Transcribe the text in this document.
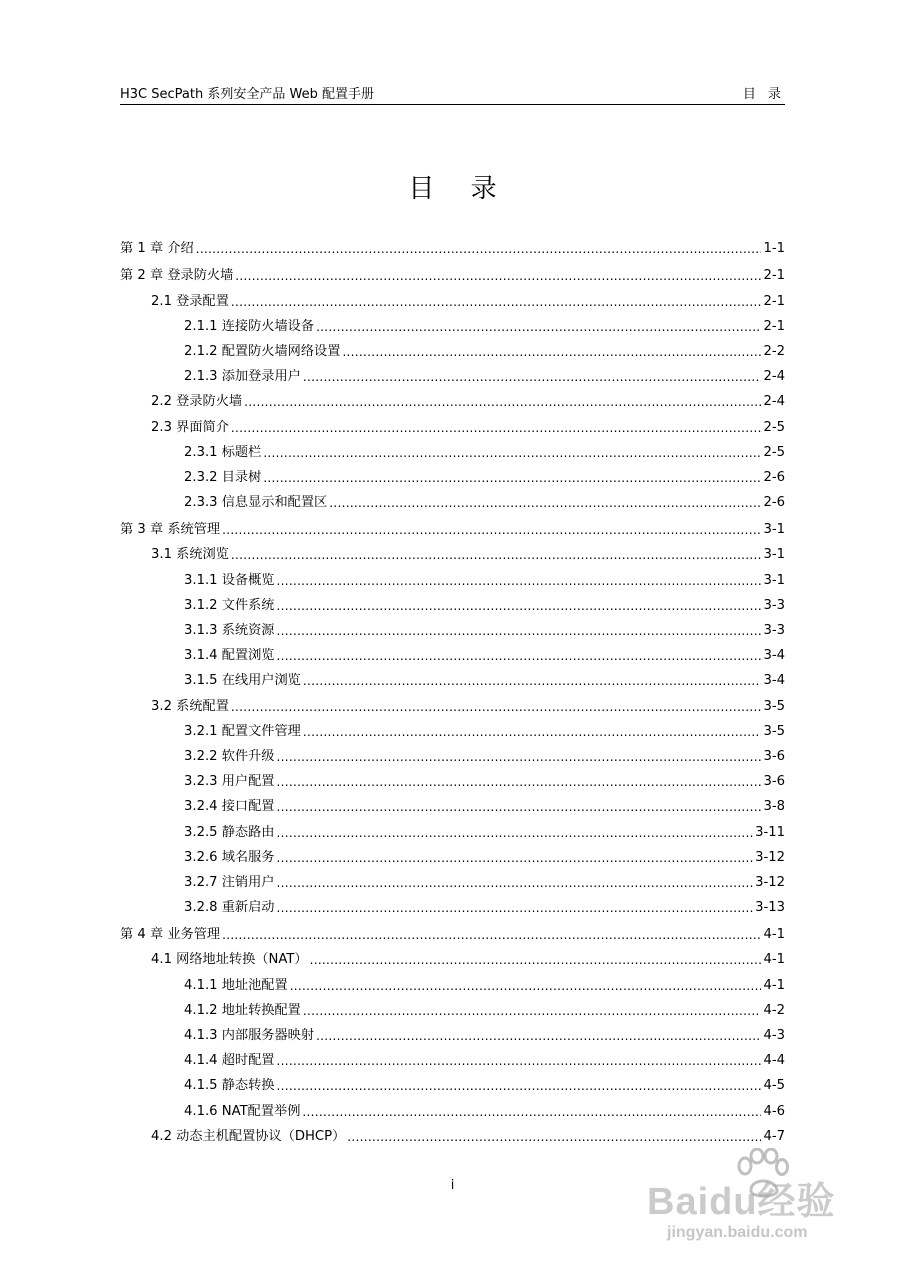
H3C SecPath 系列安全产品 Web 配置手册	目 录
目 录
第 1 章 介绍 .....	1-1
第 2 章 登录防火墙 .....	2-1
2.1 登录配置 .....	2-1
2.1.1 连接防火墙设备 .....	2-1
2.1.2 配置防火墙网络设置 .....	2-2
2.1.3 添加登录用户 .....	2-4
2.2 登录防火墙 .....	2-4
2.3 界面简介 .....	2-5
2.3.1 标题栏 .....	2-5
2.3.2 目录树 .....	2-6
2.3.3 信息显示和配置区 .....	2-6
第 3 章 系统管理 .....	3-1
3.1 系统浏览 .....	3-1
3.1.1 设备概览 .....	3-1
3.1.2 文件系统 .....	3-3
3.1.3 系统资源 .....	3-3
3.1.4 配置浏览 .....	3-4
3.1.5 在线用户浏览 .....	3-4
3.2 系统配置 .....	3-5
3.2.1 配置文件管理 .....	3-5
3.2.2 软件升级 .....	3-6
3.2.3 用户配置 .....	3-6
3.2.4 接口配置 .....	3-8
3.2.5 静态路由 .....	3-11
3.2.6 域名服务 .....	3-12
3.2.7 注销用户 .....	3-12
3.2.8 重新启动 .....	3-13
第 4 章 业务管理 .....	4-1
4.1 网络地址转换（NAT） .....	4-1
4.1.1 地址池配置 .....	4-1
4.1.2 地址转换配置 .....	4-2
4.1.3 内部服务器映射 .....	4-3
4.1.4 超时配置 .....	4-4
4.1.5 静态转换 .....	4-5
4.1.6 NAT配置举例 .....	4-6
4.2 动态主机配置协议（DHCP） .....	4-7
i	Baidu经验
jingyan.baidu.com
